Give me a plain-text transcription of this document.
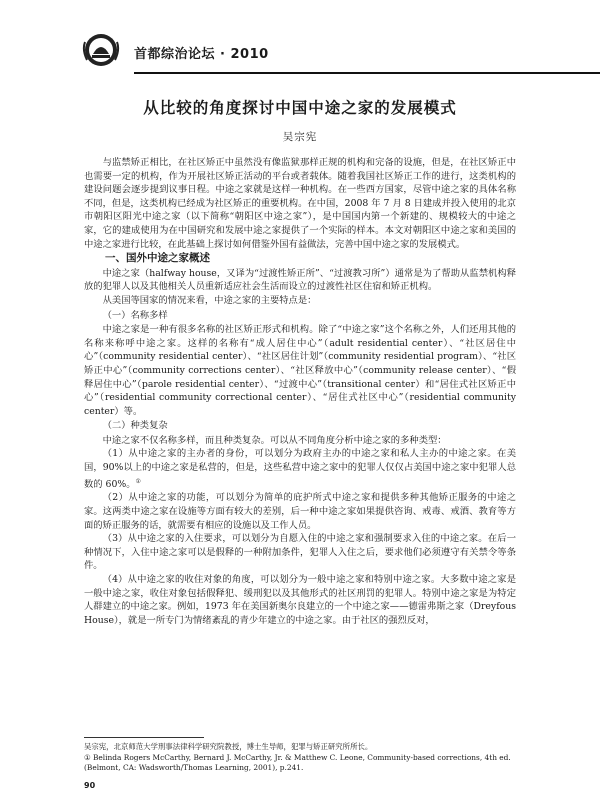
首都综治论坛 · 2010
从比较的角度探讨中国中途之家的发展模式
吴宗宪

与监禁矫正相比，在社区矫正中虽然没有像监狱那样正规的机构和完备的设施，但是，在社区矫正中也需要一定的机构，作为开展社区矫正活动的平台或者载体。随着我国社区矫正工作的进行，这类机构的建设问题会逐步提到议事日程。中途之家就是这样一种机构。在一些西方国家，尽管中途之家的具体名称不同，但是，这类机构已经成为社区矫正的重要机构。在中国，2008 年 7 月 8 日建成并投入使用的北京市朝阳区阳光中途之家（以下简称“朝阳区中途之家”），是中国国内第一个新建的、规模较大的中途之家，它的建成使用为在中国研究和发展中途之家提供了一个实际的样本。本文对朝阳区中途之家和美国的中途之家进行比较，在此基础上探讨如何借鉴外国有益做法，完善中国中途之家的发展模式。

一、国外中途之家概述

中途之家（halfway house，又译为“过渡性矫正所”、“过渡教习所”）通常是为了帮助从监禁机构释放的犯罪人以及其他相关人员重新适应社会生活而设立的过渡性社区住宿和矫正机构。

从美国等国家的情况来看，中途之家的主要特点是：

（一）名称多样

中途之家是一种有很多名称的社区矫正形式和机构。除了“中途之家”这个名称之外，人们还用其他的名称来称呼中途之家。这样的名称有“成人居住中心”（adult residential center）、“社区居住中心”（community residential center）、“社区居住计划”（community residential program）、“社区矫正中心”（community corrections center）、“社区释放中心”（community release center）、“假释居住中心”（parole residential center）、“过渡中心”（transitional center）和“居住式社区矫正中心”（residential community correctional center）、“居住式社区中心”（residential community center）等。

（二）种类复杂

中途之家不仅名称多样，而且种类复杂。可以从不同角度分析中途之家的多种类型：

（1）从中途之家的主办者的身份，可以划分为政府主办的中途之家和私人主办的中途之家。在美国，90%以上的中途之家是私营的，但是，这些私营中途之家中的犯罪人仅仅占美国中途之家中犯罪人总数的 60%。①

（2）从中途之家的功能，可以划分为简单的庇护所式中途之家和提供多种其他矫正服务的中途之家。这两类中途之家在设施等方面有较大的差别，后一种中途之家如果提供咨询、戒毒、戒酒、教育等方面的矫正服务的话，就需要有相应的设施以及工作人员。

（3）从中途之家的入住要求，可以划分为自愿入住的中途之家和强制要求入住的中途之家。在后一种情况下，入住中途之家可以是假释的一种附加条件，犯罪人入住之后，要求他们必须遵守有关禁令等条件。

（4）从中途之家的收住对象的角度，可以划分为一般中途之家和特别中途之家。大多数中途之家是一般中途之家，收住对象包括假释犯、缓刑犯以及其他形式的社区刑罚的犯罪人。特别中途之家是为特定人群建立的中途之家。例如，1973 年在美国新奥尔良建立的一个中途之家——德雷弗斯之家（Dreyfous House），就是一所专门为情绪紊乱的青少年建立的中途之家。由于社区的强烈反对，

吴宗宪，北京师范大学刑事法律科学研究院教授，博士生导师，犯罪与矫正研究所所长。

① Belinda Rogers McCarthy, Bernard J. McCarthy, Jr. & Matthew C. Leone, Community-based corrections, 4th ed. (Belmont, CA: Wadsworth/Thomas Learning, 2001), p.241.

90
